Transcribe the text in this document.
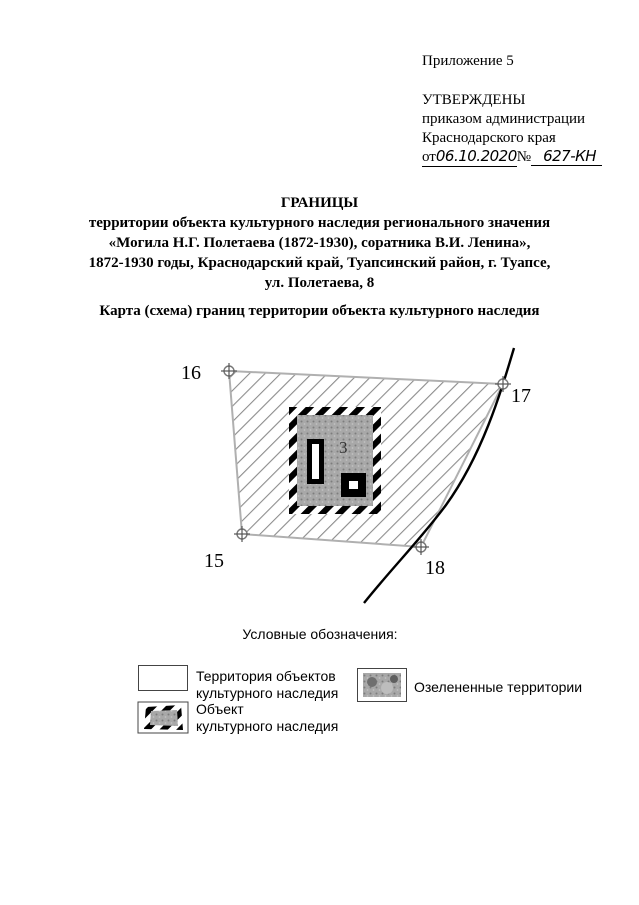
Приложение 5
УТВЕРЖДЕНЫ
приказом администрации
Краснодарского края
от06.10.2020№ 627-КН
ГРАНИЦЫ
территории объекта культурного наследия регионального значения
«Могила Н.Г. Полетаева (1872-1930), соратника В.И. Ленина»,
1872-1930 годы, Краснодарский край, Туапсинский район, г. Туапсе,
ул. Полетаева, 8
Карта (схема) границ территории объекта культурного наследия
3
16
17
15	18
Условные обозначения:
Территория объектов
культурного наследия
Объект
культурного наследия
Озелененные территории
